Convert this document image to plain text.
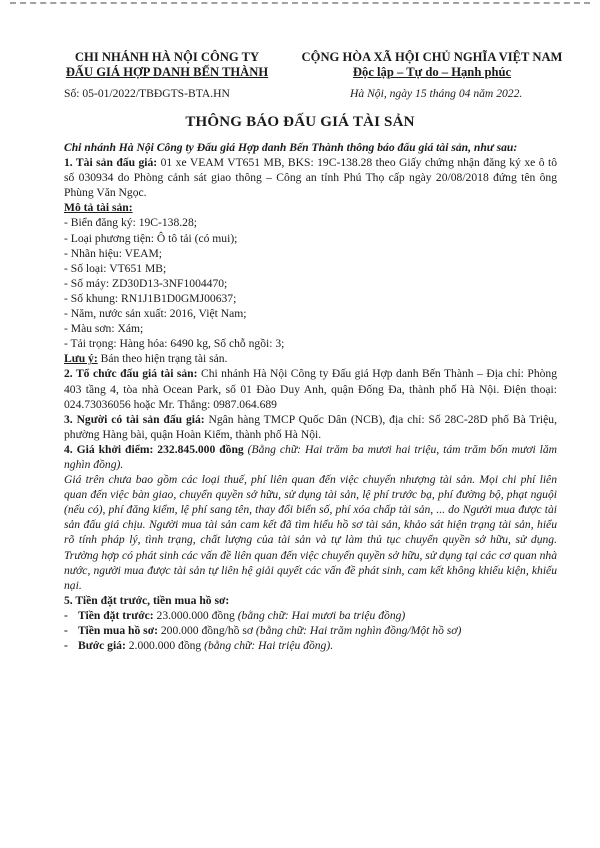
CHI NHÁNH HÀ NỘI CÔNG TY
ĐẤU GIÁ HỢP DANH BẾN THÀNH
CỘNG HÒA XÃ HỘI CHỦ NGHĨA VIỆT NAM
Độc lập – Tự do – Hạnh phúc
Số: 05-01/2022/TBĐGTS-BTA.HN	Hà Nội, ngày 15 tháng 04 năm 2022.
THÔNG BÁO ĐẤU GIÁ TÀI SẢN

Chi nhánh Hà Nội Công ty Đấu giá Hợp danh Bến Thành thông báo đấu giá tài sản, như sau:

1. Tài sản đấu giá: 01 xe VEAM VT651 MB, BKS: 19C-138.28 theo Giấy chứng nhận đăng ký xe ô tô số 030934 do Phòng cảnh sát giao thông – Công an tỉnh Phú Thọ cấp ngày 20/08/2018 đứng tên ông Phùng Văn Ngọc.

Mô tả tài sản:

- Biển đăng ký: 19C-138.28;

- Loại phương tiện: Ô tô tải (có mui);

- Nhãn hiệu: VEAM;

- Số loại: VT651 MB;

- Số máy: ZD30D13-3NF1004470;

- Số khung: RN1J1B1D0GMJ00637;

- Năm, nước sản xuất: 2016, Việt Nam;

- Màu sơn: Xám;

- Tải trọng: Hàng hóa: 6490 kg, Số chỗ ngồi: 3;

Lưu ý: Bán theo hiện trạng tài sản.

2. Tổ chức đấu giá tài sản: Chi nhánh Hà Nội Công ty Đấu giá Hợp danh Bến Thành – Địa chỉ: Phòng 403 tầng 4, tòa nhà Ocean Park, số 01 Đào Duy Anh, quận Đống Đa, thành phố Hà Nội. Điện thoại: 024.73036056 hoặc Mr. Thắng: 0987.064.689

3. Người có tài sản đấu giá: Ngân hàng TMCP Quốc Dân (NCB), địa chỉ: Số 28C-28D phố Bà Triệu, phường Hàng bài, quận Hoàn Kiếm, thành phố Hà Nội.

4. Giá khởi điểm: 232.845.000 đồng (Bằng chữ: Hai trăm ba mươi hai triệu, tám trăm bốn mươi lăm nghìn đồng).

Giá trên chưa bao gồm các loại thuế, phí liên quan đến việc chuyển nhượng tài sản. Mọi chi phí liên quan đến việc bàn giao, chuyển quyền sở hữu, sử dụng tài sản, lệ phí trước bạ, phí đường bộ, phạt nguội (nếu có), phí đăng kiểm, lệ phí sang tên, thay đổi biển số, phí xóa chấp tài sản, ... do Người mua được tài sản đấu giá chịu. Người mua tài sản cam kết đã tìm hiểu hồ sơ tài sản, khảo sát hiện trạng tài sản, hiểu rõ tính pháp lý, tình trạng, chất lượng của tài sản và tự làm thủ tục chuyển quyền sở hữu, sử dụng. Trường hợp có phát sinh các vấn đề liên quan đến việc chuyển quyền sở hữu, sử dụng tại các cơ quan nhà nước, người mua được tài sản tự liên hệ giải quyết các vấn đề phát sinh, cam kết không khiếu kiện, khiếu nại.

5. Tiền đặt trước, tiền mua hồ sơ:

- Tiền đặt trước: 23.000.000 đồng (bằng chữ: Hai mươi ba triệu đồng)

- Tiền mua hồ sơ: 200.000 đồng/hồ sơ (bằng chữ: Hai trăm nghìn đồng/Một hồ sơ)

- Bước giá: 2.000.000 đồng (bằng chữ: Hai triệu đồng).
